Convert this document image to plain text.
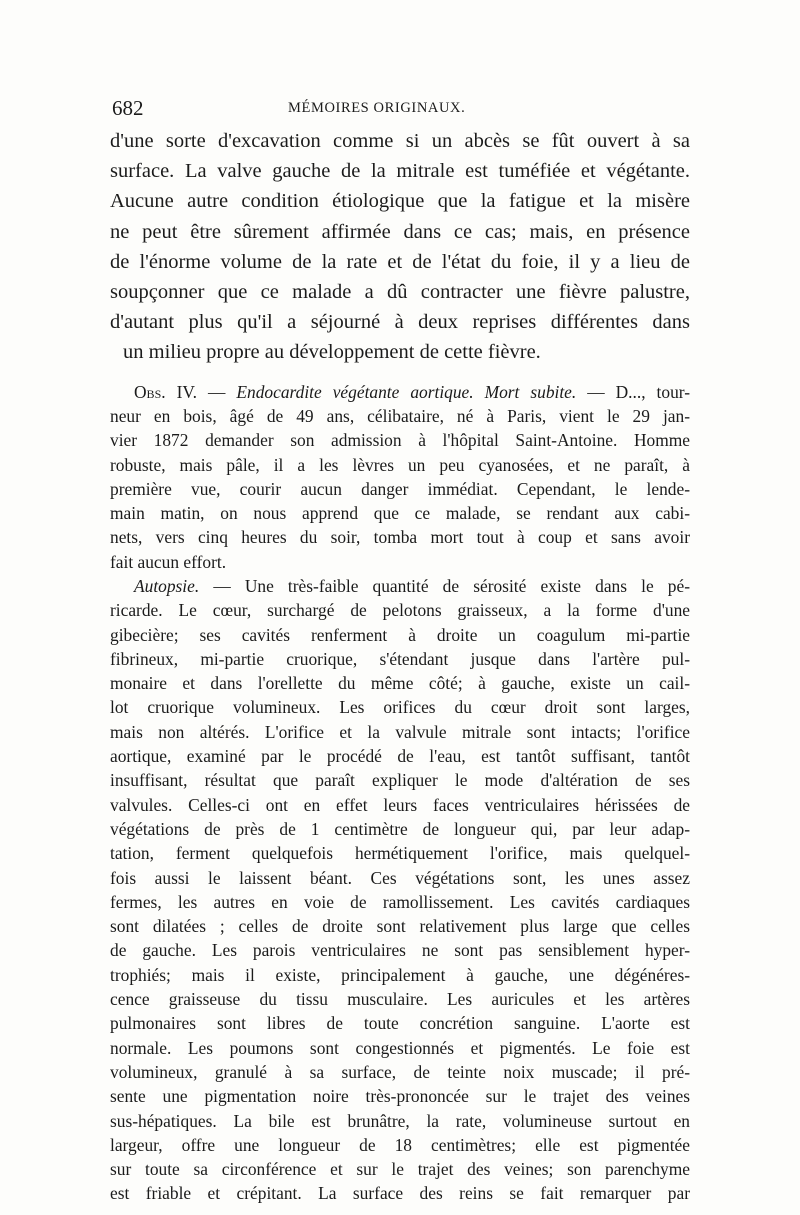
682	MÉMOIRES ORIGINAUX.

d'une sorte d'excavation comme si un abcès se fût ouvert à sa

surface. La valve gauche de la mitrale est tuméfiée et végétante.

Aucune autre condition étiologique que la fatigue et la misère

ne peut être sûrement affirmée dans ce cas; mais, en présence

de l'énorme volume de la rate et de l'état du foie, il y a lieu de

soupçonner que ce malade a dû contracter une fièvre palustre,

d'autant plus qu'il a séjourné à deux reprises différentes dans

un milieu propre au développement de cette fièvre.

Obs. IV. — Endocardite végétante aortique. Mort subite. — D..., tour-

neur en bois, âgé de 49 ans, célibataire, né à Paris, vient le 29 jan-

vier 1872 demander son admission à l'hôpital Saint-Antoine. Homme

robuste, mais pâle, il a les lèvres un peu cyanosées, et ne paraît, à

première vue, courir aucun danger immédiat. Cependant, le lende-

main matin, on nous apprend que ce malade, se rendant aux cabi-

nets, vers cinq heures du soir, tomba mort tout à coup et sans avoir

fait aucun effort.

Autopsie. — Une très-faible quantité de sérosité existe dans le pé-

ricarde. Le cœur, surchargé de pelotons graisseux, a la forme d'une

gibecière; ses cavités renferment à droite un coagulum mi-partie

fibrineux, mi-partie cruorique, s'étendant jusque dans l'artère pul-

monaire et dans l'orellette du même côté; à gauche, existe un cail-

lot cruorique volumineux. Les orifices du cœur droit sont larges,

mais non altérés. L'orifice et la valvule mitrale sont intacts; l'orifice

aortique, examiné par le procédé de l'eau, est tantôt suffisant, tantôt

insuffisant, résultat que paraît expliquer le mode d'altération de ses

valvules. Celles-ci ont en effet leurs faces ventriculaires hérissées de

végétations de près de 1 centimètre de longueur qui, par leur adap-

tation, ferment quelquefois hermétiquement l'orifice, mais quelquel-

fois aussi le laissent béant. Ces végétations sont, les unes assez

fermes, les autres en voie de ramollissement. Les cavités cardiaques

sont dilatées ; celles de droite sont relativement plus large que celles

de gauche. Les parois ventriculaires ne sont pas sensiblement hyper-

trophiés; mais il existe, principalement à gauche, une dégénéres-

cence graisseuse du tissu musculaire. Les auricules et les artères

pulmonaires sont libres de toute concrétion sanguine. L'aorte est

normale. Les poumons sont congestionnés et pigmentés. Le foie est

volumineux, granulé à sa surface, de teinte noix muscade; il pré-

sente une pigmentation noire très-prononcée sur le trajet des veines

sus-hépatiques. La bile est brunâtre, la rate, volumineuse surtout en

largeur, offre une longueur de 18 centimètres; elle est pigmentée

sur toute sa circonférence et sur le trajet des veines; son parenchyme

est friable et crépitant. La surface des reins se fait remarquer par
